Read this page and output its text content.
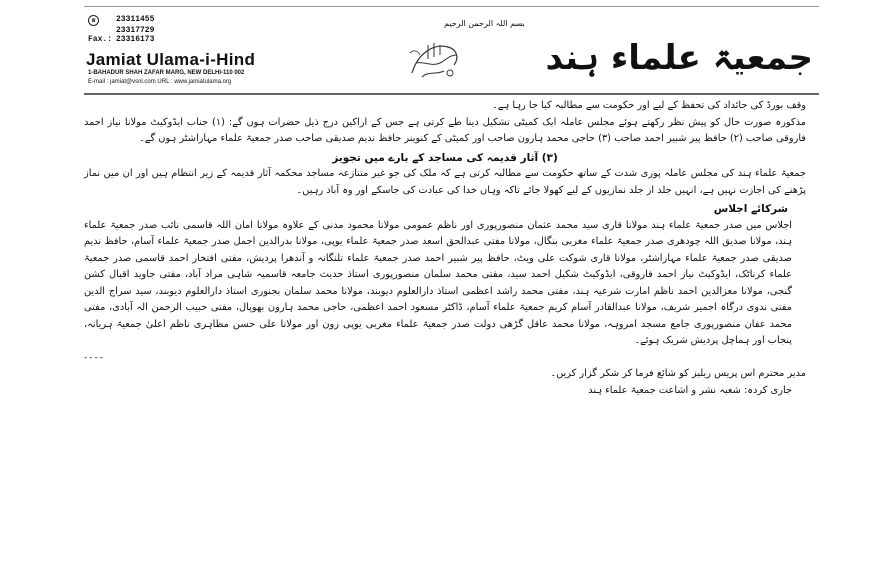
☎	23311455
23317729
Fax.: 23316173
Jamiat Ulama-i-Hind
1-BAHADUR SHAH ZAFAR MARG, NEW DELHI-110 002
E-mail : jamiat@vsnl.com URL : www.jamiatulama.org
بسم اللہ الرحمن الرحیم
جمعیۃ علماء ہند

وقف بورڈ کی جائداد کی تحفظ کے لیے اور حکومت سے مطالبہ کیا جا رہا ہے۔

مذکورہ صورت حال کو پیش نظر رکھتے ہوئے مجلس عاملہ ایک کمیٹی تشکیل دینا طے کرتی ہے جس کے اراکین درج ذیل حضرات ہوں گے: (۱) جناب ایڈوکیٹ مولانا نیاز احمد فاروقی صاحب (۲) حافظ پیر شبیر احمد صاحب (۳) حاجی محمد ہارون صاحب اور کمیٹی کے کنوینر حافظ ندیم صدیقی صاحب صدر جمعیۃ علماء مہاراشٹر ہوں گے۔

(۳) آثار قدیمہ کی مساجد کے بارے میں تجویز

جمعیۃ علماء ہند کی مجلس عاملہ پوری شدت کے ساتھ حکومت سے مطالبہ کرتی ہے کہ ملک کی جو غیر متنازعہ مساجد محکمہ آثار قدیمہ کے زیر انتظام ہیں اور ان میں نماز پڑھنے کی اجازت نہیں ہے، انہیں جلد از جلد نمازیوں کے لیے کھولا جائے تاکہ وہاں خدا کی عبادت کی جاسکے اور وہ آباد رہیں۔

شرکائے اجلاس

اجلاس میں صدر جمعیۃ علماء ہند مولانا قاری سید محمد عثمان منصورپوری اور ناظم عمومی مولانا محمود مدنی کے علاوہ مولانا امان اللہ قاسمی نائب صدر جمعیۃ علماء ہند، مولانا صدیق اللہ چودھری صدر جمعیۃ علماء مغربی بنگال، مولانا مفتی عبدالحق اسعد صدر جمعیۃ علماء یوپی، مولانا بدرالدین اجمل صدر جمعیۃ علماء آسام، حافظ ندیم صدیقی صدر جمعیۃ علماء مہاراشٹر، مولانا قاری شوکت علی ویٹ، حافظ پیر شبیر احمد صدر جمعیۃ علماء تلنگانہ و آندھرا پردیش، مفتی افتخار احمد قاسمی صدر جمعیۃ علماء کرناٹک، ایڈوکیٹ نیاز احمد فاروقی، ایڈوکیٹ شکیل احمد سید، مفتی محمد سلمان منصورپوری استاذ حدیث جامعہ قاسمیہ شاہی مراد آباد، مفتی جاوید اقبال کشن گنجی، مولانا معزالدین احمد ناظم امارت شرعیہ ہند، مفتی محمد راشد اعظمی استاذ دارالعلوم دیوبند، مولانا محمد سلمان بجنوری استاذ دارالعلوم دیوبند، سید سراج الدین مفتی ندوی درگاہ اجمیر شریف، مولانا عبدالقادر آسام کریم جمعیۃ علماء آسام، ڈاکٹر مسعود احمد اعظمی، حاجی محمد ہارون بھوپال، مفتی حبیب الرحمن الہ آبادی، مفتی محمد عفان منصورپوری جامع مسجد امروہہ، مولانا محمد عاقل گڑھی دولت صدر جمعیۃ علماء مغربی یوپی زون اور مولانا علی حسن مظاہری ناظم اعلیٰ جمعیۃ ہریانہ، پنجاب اور ہماچل پردیش شریک ہوئے۔

----

مدیر محترم اس پریس ریلیز کو شائع فرما کر شکر گزار کریں۔

جاری کردہ: شعبہ نشر و اشاعت جمعیۃ علماء ہند
